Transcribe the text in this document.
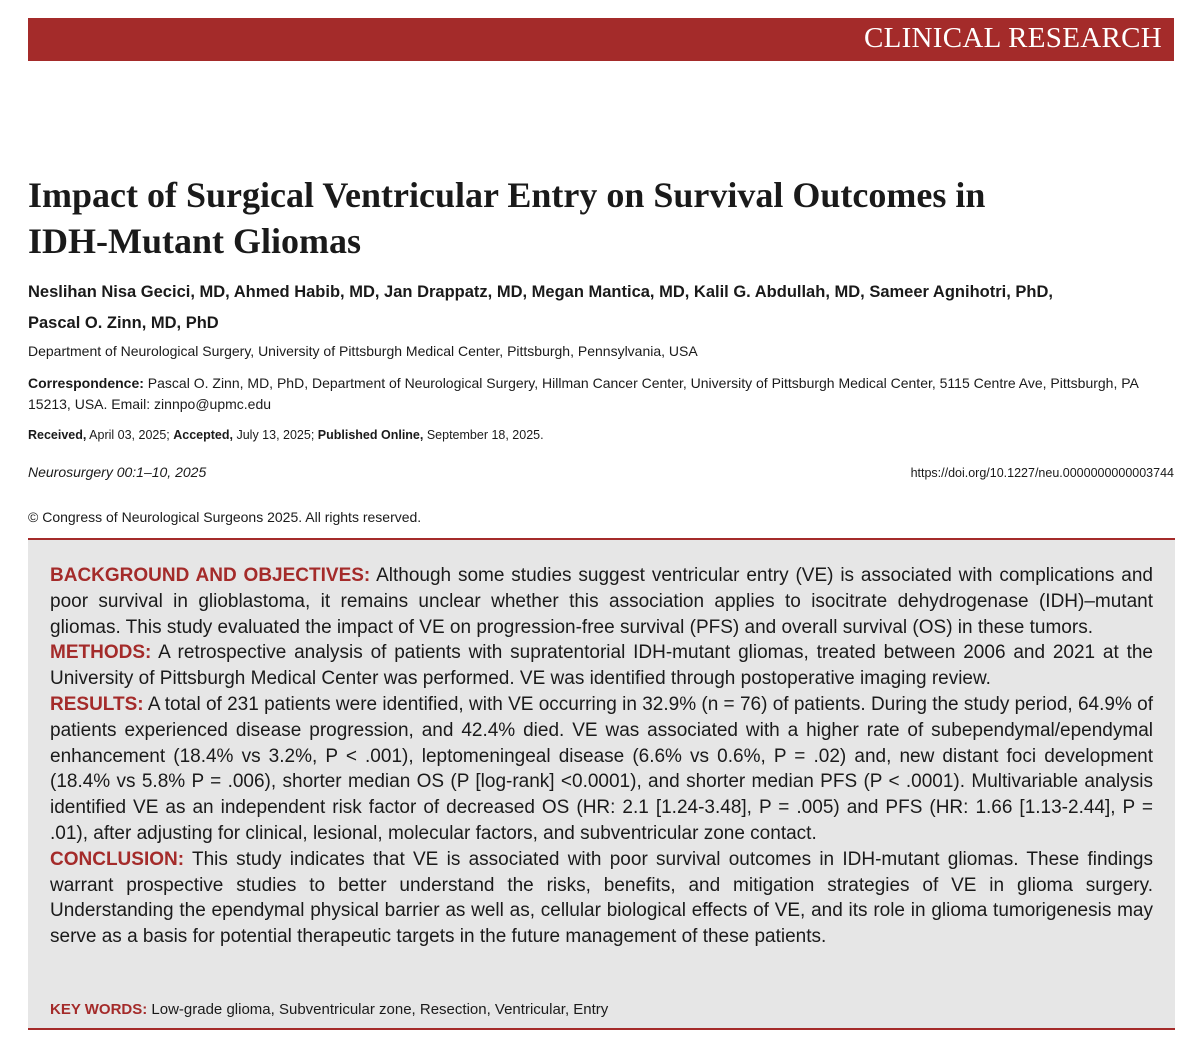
CLINICAL RESEARCH
Impact of Surgical Ventricular Entry on Survival Outcomes in
IDH-Mutant Gliomas
Neslihan Nisa Gecici, MD, Ahmed Habib, MD, Jan Drappatz, MD, Megan Mantica, MD, Kalil G. Abdullah, MD, Sameer Agnihotri, PhD,
Pascal O. Zinn, MD, PhD
Department of Neurological Surgery, University of Pittsburgh Medical Center, Pittsburgh, Pennsylvania, USA
Correspondence: Pascal O. Zinn, MD, PhD, Department of Neurological Surgery, Hillman Cancer Center, University of Pittsburgh Medical Center, 5115 Centre Ave, Pittsburgh, PA 15213, USA. Email: zinnpo@upmc.edu
Received, April 03, 2025; Accepted, July 13, 2025; Published Online, September 18, 2025.
Neurosurgery 00:1–10, 2025	https://doi.org/10.1227/neu.0000000000003744
© Congress of Neurological Surgeons 2025. All rights reserved.

BACKGROUND AND OBJECTIVES: Although some studies suggest ventricular entry (VE) is associated with complications and poor survival in glioblastoma, it remains unclear whether this association applies to isocitrate dehydrogenase (IDH)–mutant gliomas. This study evaluated the impact of VE on progression-free survival (PFS) and overall survival (OS) in these tumors.

METHODS: A retrospective analysis of patients with supratentorial IDH-mutant gliomas, treated between 2006 and 2021 at the University of Pittsburgh Medical Center was performed. VE was identified through postoperative imaging review.

RESULTS: A total of 231 patients were identified, with VE occurring in 32.9% (n = 76) of patients. During the study period, 64.9% of patients experienced disease progression, and 42.4% died. VE was associated with a higher rate of subependymal/ependymal enhancement (18.4% vs 3.2%, P < .001), leptomeningeal disease (6.6% vs 0.6%, P = .02) and, new distant foci development (18.4% vs 5.8% P = .006), shorter median OS (P [log-rank] <0.0001), and shorter median PFS (P < .0001). Multivariable analysis identified VE as an independent risk factor of decreased OS (HR: 2.1 [1.24-3.48], P = .005) and PFS (HR: 1.66 [1.13-2.44], P = .01), after adjusting for clinical, lesional, molecular factors, and subventricular zone contact.

CONCLUSION: This study indicates that VE is associated with poor survival outcomes in IDH-mutant gliomas. These findings warrant prospective studies to better understand the risks, benefits, and mitigation strategies of VE in glioma surgery. Understanding the ependymal physical barrier as well as, cellular biological effects of VE, and its role in glioma tumorigenesis may serve as a basis for potential therapeutic targets in the future management of these patients.

KEY WORDS: Low-grade glioma, Subventricular zone, Resection, Ventricular, Entry
